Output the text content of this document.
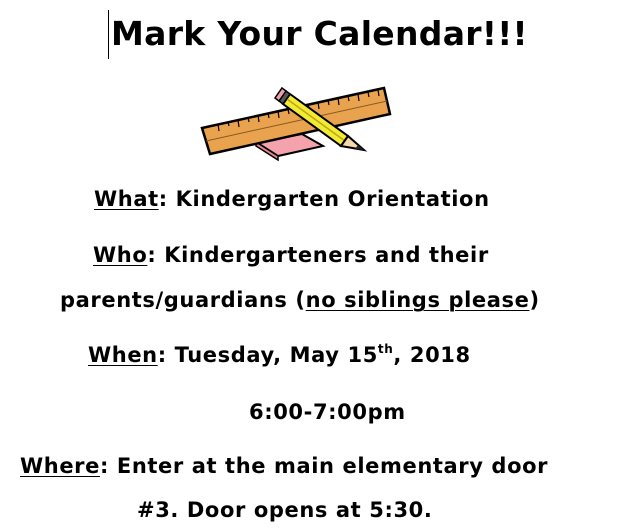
Mark Your Calendar!!!
What: Kindergarten Orientation
Who: Kindergarteners and their
parents/guardians (no siblings please)
When: Tuesday, May 15th, 2018
6:00-7:00pm
Where: Enter at the main elementary door
#3. Door opens at 5:30.
